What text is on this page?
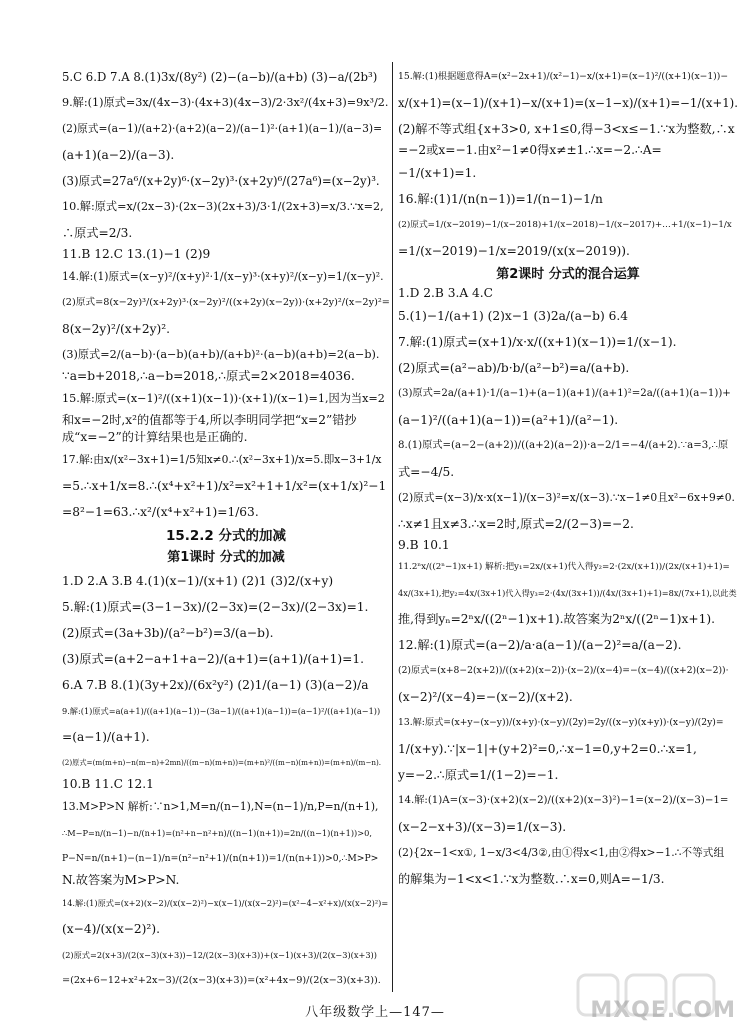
5.C 6.D 7.A 8.(1)3x/(8y²) (2)−(a−b)/(a+b) (3)−a/(2b³)
9.解:(1)原式=3x/(4x−3)·(4x+3)(4x−3)/2·3x²/(4x+3)=9x³/2.
(2)原式=(a−1)/(a+2)·(a+2)(a−2)/(a−1)²·(a+1)(a−1)/(a−3)=
(a+1)(a−2)/(a−3).
(3)原式=27a⁶/(x+2y)⁶·(x−2y)³·(x+2y)⁶/(27a⁶)=(x−2y)³.
10.解:原式=x/(2x−3)·(2x−3)(2x+3)/3·1/(2x+3)=x/3.∵x=2,
∴原式=2/3.
11.B 12.C 13.(1)−1 (2)9
14.解:(1)原式=(x−y)²/(x+y)²·1/(x−y)³·(x+y)²/(x−y)=1/(x−y)².
(2)原式=8(x−2y)³/(x+2y)³·(x−2y)²/((x+2y)(x−2y))·(x+2y)²/(x−2y)²=
8(x−2y)²/(x+2y)².
(3)原式=2/(a−b)·(a−b)(a+b)/(a+b)²·(a−b)(a+b)=2(a−b).
∵a=b+2018,∴a−b=2018,∴原式=2×2018=4036.
15.解:原式=(x−1)²/((x+1)(x−1))·(x+1)/(x−1)=1,因为当x=2
和x=−2时,x²的值都等于4,所以李明同学把“x=2”错抄
成“x=−2”的计算结果也是正确的.
17.解:由x/(x²−3x+1)=1/5知x≠0.∴(x²−3x+1)/x=5.即x−3+1/x
=5.∴x+1/x=8.∴(x⁴+x²+1)/x²=x²+1+1/x²=(x+1/x)²−1
=8²−1=63.∴x²/(x⁴+x²+1)=1/63.
15.2.2 分式的加减
第1课时 分式的加减
1.D 2.A 3.B 4.(1)(x−1)/(x+1) (2)1 (3)2/(x+y)
5.解:(1)原式=(3−1−3x)/(2−3x)=(2−3x)/(2−3x)=1.
(2)原式=(3a+3b)/(a²−b²)=3/(a−b).
(3)原式=(a+2−a+1+a−2)/(a+1)=(a+1)/(a+1)=1.
6.A 7.B 8.(1)(3y+2x)/(6x²y²) (2)1/(a−1) (3)(a−2)/a
9.解:(1)原式=a(a+1)/((a+1)(a−1))−(3a−1)/((a+1)(a−1))=(a−1)²/((a+1)(a−1))
=(a−1)/(a+1).
(2)原式=(m(m+n)−n(m−n)+2mn)/((m−n)(m+n))=(m+n)²/((m−n)(m+n))=(m+n)/(m−n).
10.B 11.C 12.1
13.M>P>N 解析:∵n>1,M=n/(n−1),N=(n−1)/n,P=n/(n+1),
∴M−P=n/(n−1)−n/(n+1)=(n²+n−n²+n)/((n−1)(n+1))=2n/((n−1)(n+1))>0,
P−N=n/(n+1)−(n−1)/n=(n²−n²+1)/(n(n+1))=1/(n(n+1))>0,∴M>P>
N.故答案为M>P>N.
14.解:(1)原式=(x+2)(x−2)/(x(x−2)²)−x(x−1)/(x(x−2)²)=(x²−4−x²+x)/(x(x−2)²)=
(x−4)/(x(x−2)²).
(2)原式=2(x+3)/(2(x−3)(x+3))−12/(2(x−3)(x+3))+(x−1)(x+3)/(2(x−3)(x+3))
=(2x+6−12+x²+2x−3)/(2(x−3)(x+3))=(x²+4x−9)/(2(x−3)(x+3)).
15.解:(1)根据题意得A=(x²−2x+1)/(x²−1)−x/(x+1)=(x−1)²/((x+1)(x−1))−
x/(x+1)=(x−1)/(x+1)−x/(x+1)=(x−1−x)/(x+1)=−1/(x+1).
(2)解不等式组{x+3>0, x+1≤0,得−3<x≤−1.∵x为整数,∴x
=−2或x=−1.由x²−1≠0得x≠±1.∴x=−2.∴A=
−1/(x+1)=1.
16.解:(1)1/(n(n−1))=1/(n−1)−1/n
(2)原式=1/(x−2019)−1/(x−2018)+1/(x−2018)−1/(x−2017)+…+1/(x−1)−1/x
=1/(x−2019)−1/x=2019/(x(x−2019)).
第2课时 分式的混合运算
1.D 2.B 3.A 4.C
5.(1)−1/(a+1) (2)x−1 (3)2a/(a−b) 6.4
7.解:(1)原式=(x+1)/x·x/((x+1)(x−1))=1/(x−1).
(2)原式=(a²−ab)/b·b/(a²−b²)=a/(a+b).
(3)原式=2a/(a+1)·1/(a−1)+(a−1)(a+1)/(a+1)²=2a/((a+1)(a−1))+
(a−1)²/((a+1)(a−1))=(a²+1)/(a²−1).
8.(1)原式=(a−2−(a+2))/((a+2)(a−2))·a−2/1=−4/(a+2).∵a=3,∴原
式=−4/5.
(2)原式=(x−3)/x·x(x−1)/(x−3)²=x/(x−3).∵x−1≠0且x²−6x+9≠0.
∴x≠1且x≠3.∴x=2时,原式=2/(2−3)=−2.
9.B 10.1
11.2ⁿx/((2ⁿ−1)x+1) 解析:把y₁=2x/(x+1)代入得y₂=2·(2x/(x+1))/(2x/(x+1)+1)=
4x/(3x+1),把y₂=4x/(3x+1)代入得y₃=2·(4x/(3x+1))/(4x/(3x+1)+1)=8x/(7x+1),以此类
推,得到yₙ=2ⁿx/((2ⁿ−1)x+1).故答案为2ⁿx/((2ⁿ−1)x+1).
12.解:(1)原式=(a−2)/a·a(a−1)/(a−2)²=a/(a−2).
(2)原式=(x+8−2(x+2))/((x+2)(x−2))·(x−2)/(x−4)=−(x−4)/((x+2)(x−2))·
(x−2)²/(x−4)=−(x−2)/(x+2).
13.解:原式=(x+y−(x−y))/(x+y)·(x−y)/(2y)=2y/((x−y)(x+y))·(x−y)/(2y)=
1/(x+y).∵|x−1|+(y+2)²=0,∴x−1=0,y+2=0.∴x=1,
y=−2.∴原式=1/(1−2)=−1.
14.解:(1)A=(x−3)·(x+2)(x−2)/((x+2)(x−3)²)−1=(x−2)/(x−3)−1=
(x−2−x+3)/(x−3)=1/(x−3).
(2){2x−1<x①, 1−x/3<4/3②,由①得x<1,由②得x>−1.∴不等式组
的解集为−1<x<1.∵x为整数.∴x=0,则A=−1/3.
八年级数学上—147—	MXQE.COM
